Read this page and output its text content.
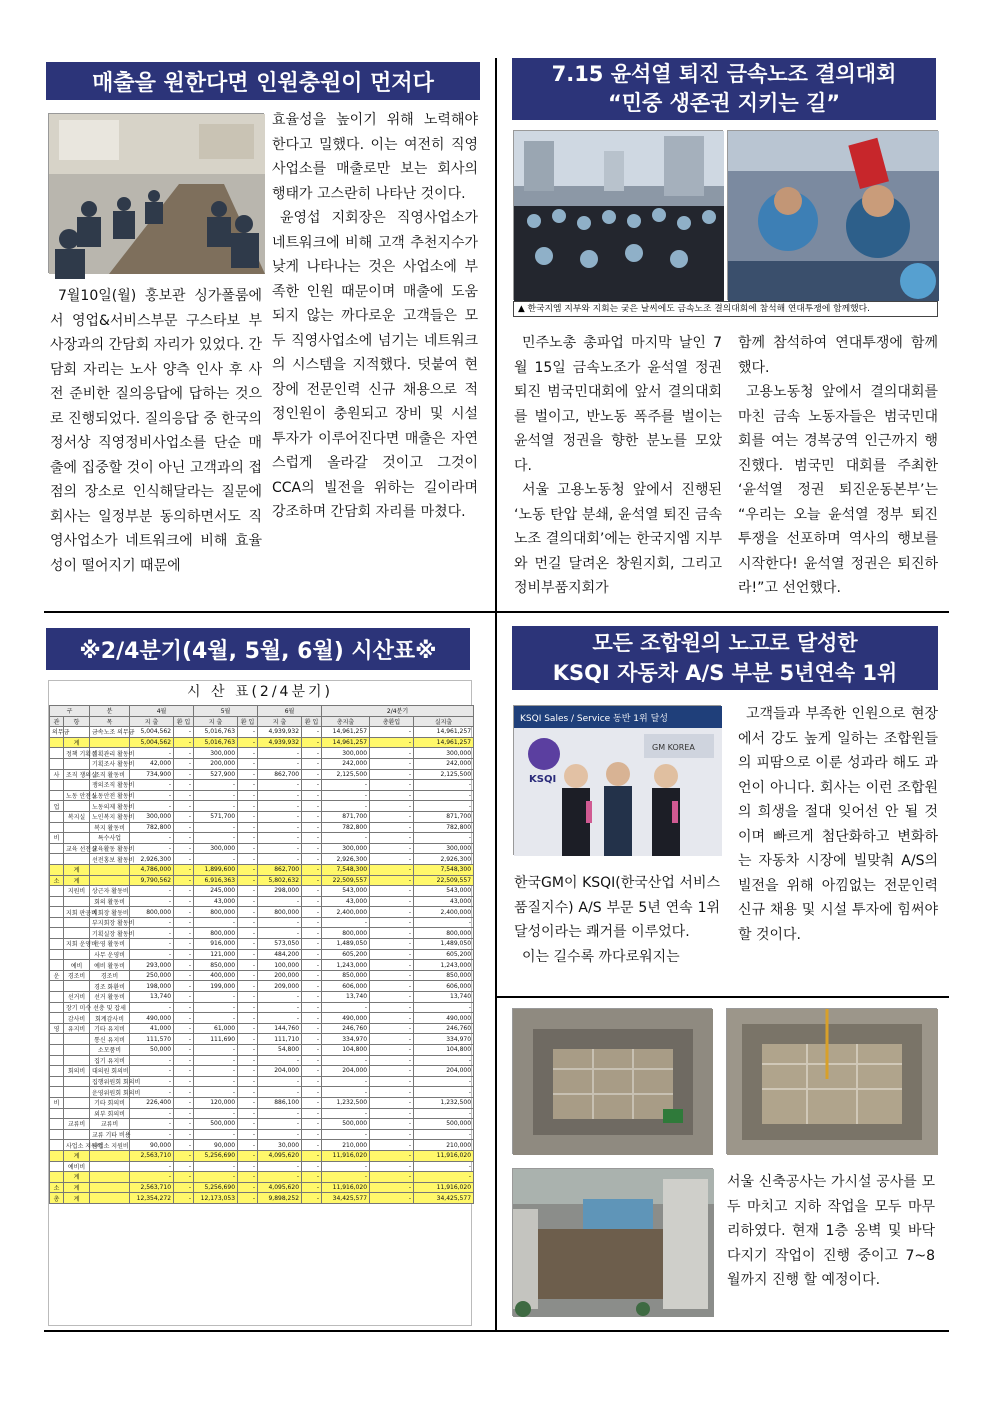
매출을 원한다면 인원충원이 먼저다

효율성을 높이기 위해 노력해야 한다고 밀했다. 이는 여전히 직영 사업소를 매출로만 보는 회사의 행태가 고스란히 나타난 것이다.

윤영섭 지회장은 직영사업소가 네트워크에 비해 고객 추천지수가 낮게 나타나는 것은 사업소에 부족한 인원 때문이며 매출에 도움 되지 않는 까다로운 고객들은 모두 직영사업소에 넘기는 네트워크의 시스템을 지적했다. 덧붙여 현장에 전문인력 신규 채용으로 적정인원이 충원되고 장비 및 시설투자가 이루어진다면 매출은 자연스럽게 올라갈 것이고 그것이 CCA의 빌전을 위하는 길이라며 강조하며 간담회 자리를 마쳤다.

7월10일(월) 홍보관 싱가폴룸에서 영업&서비스부문 구스타보 부사장과의 간담회 자리가 있었다. 간담회 자리는 노사 양측 인사 후 사전 준비한 질의응답에 답하는 것으로 진행되었다. 질의응답 중 한국의 정서상 직영정비사업소를 단순 매출에 집중할 것이 아닌 고객과의 접점의 장소로 인식해달라는 질문에 회사는 일정부분 동의하면서도 직영사업소가 네트워크에 비해 효율성이 떨어지기 때문에

7.15 윤석열 퇴진 금속노조 결의대회
“민중 생존권 지키는 길”
▲ 한국지엠 지부와 지회는 궂은 날씨에도 금속노조 결의대회에 참석해 연대투쟁에 함께했다.

민주노총 총파업 마지막 날인 7월 15일 금속노조가 윤석열 정권 퇴진 범국민대회에 앞서 결의대회를 벌이고, 반노동 폭주를 벌이는 윤석열 정권을 향한 분노를 모았다.

서울 고용노동청 앞에서 진행된 ‘노동 탄압 분쇄, 윤석열 퇴진 금속노조 결의대회’에는 한국지엠 지부와 먼길 달려온 창원지회, 그리고 정비부품지회가

함께 참석하여 연대투쟁에 함께했다.

고용노동청 앞에서 결의대회를 마친 금속 노동자들은 범국민대회를 여는 경복궁역 인근까지 행진했다. 범국민 대회를 주최한 ‘윤석열 정권 퇴진운동본부’는 “우리는 오늘 윤석열 정부 퇴진 투쟁을 선포하며 역사의 행보를 시작한다! 윤석열 정권은 퇴진하라!”고 선언했다.

※2/4분기(4월, 5월, 6월) 시산표※
시 산 표(2/4분기)
구		분	4월		5월		6월		2/4분기		
관	항	목	지 출	환 입	지 출	환 입	지 출	환 입	총지출	총환입	실지출
의무금		금속노조 의무금	5,004,562	-	5,016,763	-	4,939,932	-	14,961,257	-	14,961,257
	계		5,004,562	-	5,016,763	-	4,939,932	-	14,961,257	-	14,961,257
	정책 기획실	기획관리 활동비	-	-	300,000	-	-	-	300,000	-	300,000
		기획조사 활동비	42,000	-	200,000	-	-	-	242,000	-	242,000
사	조직 쟁의실	조직 활동비	734,900	-	527,900	-	862,700	-	2,125,500	-	2,125,500
		쟁의조직 활동비	-	-	-	-	-	-	-	-	-
	노동 안전실	노동안전 활동비	-	-	-	-	-	-	-	-	-
업		노동의제 활동비	-	-	-	-	-	-	-	-	-
	복지실	노인복지 활동비	300,000	-	571,700	-	-	-	871,700	-	871,700
		복지 활동비	782,800	-	-	-	-	-	782,800	-	782,800
비		특수사업	-	-	-	-	-	-	-	-	-
	교육 선전실	교육활동 활동비	-	-	300,000	-	-	-	300,000	-	300,000
		선전홍보 활동비	2,926,300	-	-	-	-	-	2,926,300	-	2,926,300
	계		4,786,000	-	1,899,600	-	862,700	-	7,548,300	-	7,548,300
소	계		9,790,562	-	6,916,363	-	5,802,632	-	22,509,557	-	22,509,557
	지원비	상근자 활동비	-	-	245,000	-	298,000	-	543,000	-	543,000
		회의 활동비	-	-	43,000	-	-	-	43,000	-	43,000
	지회 판공비	지회장 활동비	800,000	-	800,000	-	800,000	-	2,400,000	-	2,400,000
		부지회장 활동비	-	-	-	-	-	-	-	-	-
		기획실장 활동비	-	-	800,000	-	-	-	800,000	-	800,000
	지회 운영비	운영 활동비	-	-	916,000	-	573,050	-	1,489,050	-	1,489,050
		사무 운영비	-	-	121,000	-	484,200	-	605,200	-	605,200
	예비	예비 활동비	293,000	-	850,000	-	100,000	-	1,243,000	-	1,243,000
운	경조비	경조비	250,000	-	400,000	-	200,000	-	850,000	-	850,000
		경조 화환비	198,000	-	199,000	-	209,000	-	606,000	-	606,000
	선거비	선거 활동비	13,740	-	-	-	-	-	13,740	-	13,740
	장기 미수	선충 및 잡세	-	-	-	-	-	-	-	-	-
	감사비	회계감사비	490,000	-	-	-	-	-	490,000	-	490,000
영	유지비	기타 유지비	41,000	-	61,000	-	144,760	-	246,760	-	246,760
		통신 유지비	111,570	-	111,690	-	111,710	-	334,970	-	334,970
		소모품비	50,000	-	-	-	54,800	-	104,800	-	104,800
		집기 유지비	-	-	-	-	-	-	-	-	-
	회의비	대의원 회의비	-	-	-	-	204,000	-	204,000	-	204,000
		집행위원회 회의비	-	-	-	-	-	-	-	-	-
		운영위원회 회의비	-	-	-	-	-	-	-	-	-
비		기타 회의비	226,400	-	120,000	-	886,100	-	1,232,500	-	1,232,500
		외부 회의비	-	-	-	-	-	-	-	-	-
	교류비	교류비	-	-	500,000	-	-	-	500,000	-	500,000
		교류 기타 비용	-	-	-	-	-	-	-	-	-
	사업소 지원비	사업소 지원비	90,000	-	90,000	-	30,000	-	210,000	-	210,000
	계		2,563,710	-	5,256,690	-	4,095,620	-	11,916,020	-	11,916,020
	예비비		-	-	-	-	-	-	-	-	-
	계		-	-	-	-	-	-	-	-	-
소	계		2,563,710	-	5,256,690	-	4,095,620	-	11,916,020	-	11,916,020
총	계		12,354,272	-	12,173,053	-	9,898,252	-	34,425,577	-	34,425,577
모든 조합원의 노고로 달성한
KSQI 자동차 A/S 부분 5년연속 1위
KSQI Sales / Service 동반 1위 달성
KSQI
GM KOREA

고객들과 부족한 인원으로 현장에서 강도 높게 일하는 조합원들의 피땀으로 이룬 성과라 해도 과언이 아니다. 회사는 이런 조합원의 희생을 절대 잊어선 안 될 것이며 빠르게 첨단화하고 변화하는 자동차 시장에 빌맞춰 A/S의 빌전을 위해 아낌없는 전문인력 신규 채용 및 시설 투자에 힘써야 할 것이다.

한국GM이 KSQI(한국산업 서비스 품질지수) A/S 부문 5년 연속 1위 달성이라는 쾌거를 이루었다.

이는 길수록 까다로워지는

서울 신축공사는 가시설 공사를 모두 마치고 지하 작업을 모두 마무리하였다. 현재 1층 옹벽 및 바닥 다지기 작업이 진행 중이고 7~8월까지 진행 할 예정이다.
